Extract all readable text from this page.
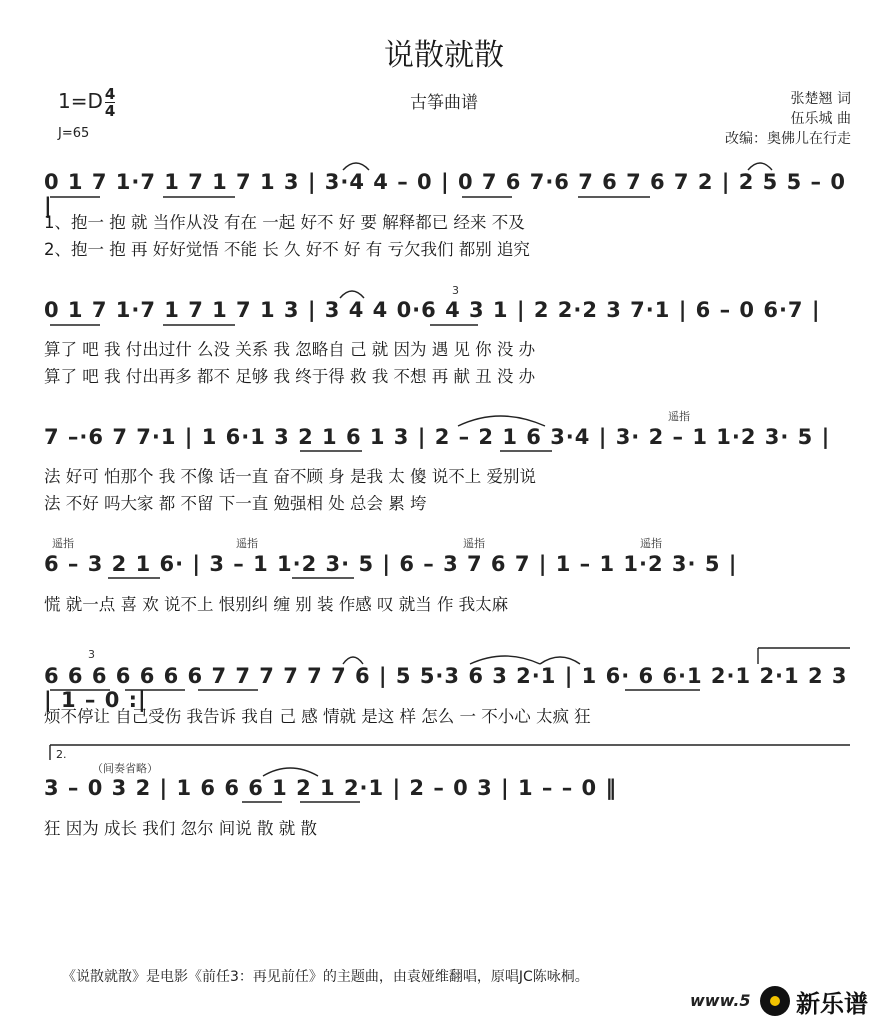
说散就散
古筝曲谱
$1=D \frac{4}{4}$
J=65
张楚翘 词
伍乐城 曲
改编：奥佛儿在行走
0 1 7 1·7 1 7 1 7 1 3 | 3·4 4 – 0 | 0 7 6 7·6 7 6 7 6 7 2 | 2 5 5 – 0 |
1、抱一 抱 就 当作从没 有在 一起 好不 好 要 解释都已 经来 不及
2、抱一 抱 再 好好觉悟 不能 长 久 好不 好 有 亏欠我们 都别 追究
3
0 1 7 1·7 1 7 1 7 1 3 | 3 4 4 0·6 4 3 1 | 2 2·2 3 7·1 | 6 – 0 6·7 |
算了 吧 我 付出过什 么没 关系 我 忽略自 己 就 因为 遇 见 你 没 办
算了 吧 我 付出再多 都不 足够 我 终于得 救 我 不想 再 献 丑 没 办
遥指
7 –·6 7 7·1 | 1 6·1 3 2 1 6 1 3 | 2 – 2 1 6 3·4 | 3· 2 – 1 1·2 3· 5 |
法 好可 怕那个 我 不像 话一直 奋不顾 身 是我 太 傻 说不上 爱别说
法 不好 吗大家 都 不留 下一直 勉强相 处 总会 累 垮
遥指	遥指	遥指	遥指
6 – 3 2 1 6· | 3 – 1 1·2 3· 5 | 6 – 3 7 6 7 | 1 – 1 1·2 3· 5 |
慌 就一点 喜 欢 说不上 恨别纠 缠 别 装 作感 叹 就当 作 我太麻
3
6 6 6 6 6 6 6 7 7 7 7 7 7 6 | 5 5·3 6 3 2·1 | 1 6· 6 6·1 2·1 2·1 2 3 | 1 – 0 :|
烦不停让 自己受伤 我告诉 我自 己 感 情就 是这 样 怎么 一 不小心 太疯 狂
2.
（间奏省略）
3 – 0 3 2 | 1 6 6 6 1 2 1 2·1 | 2 – 0 3 | 1 – – 0 ‖
狂 因为 成长 我们 忽尔 间说 散 就 散
《说散就散》是电影《前任3：再见前任》的主题曲，由袁娅维翻唱，原唱JC陈咏桐。
www.5 新乐谱
